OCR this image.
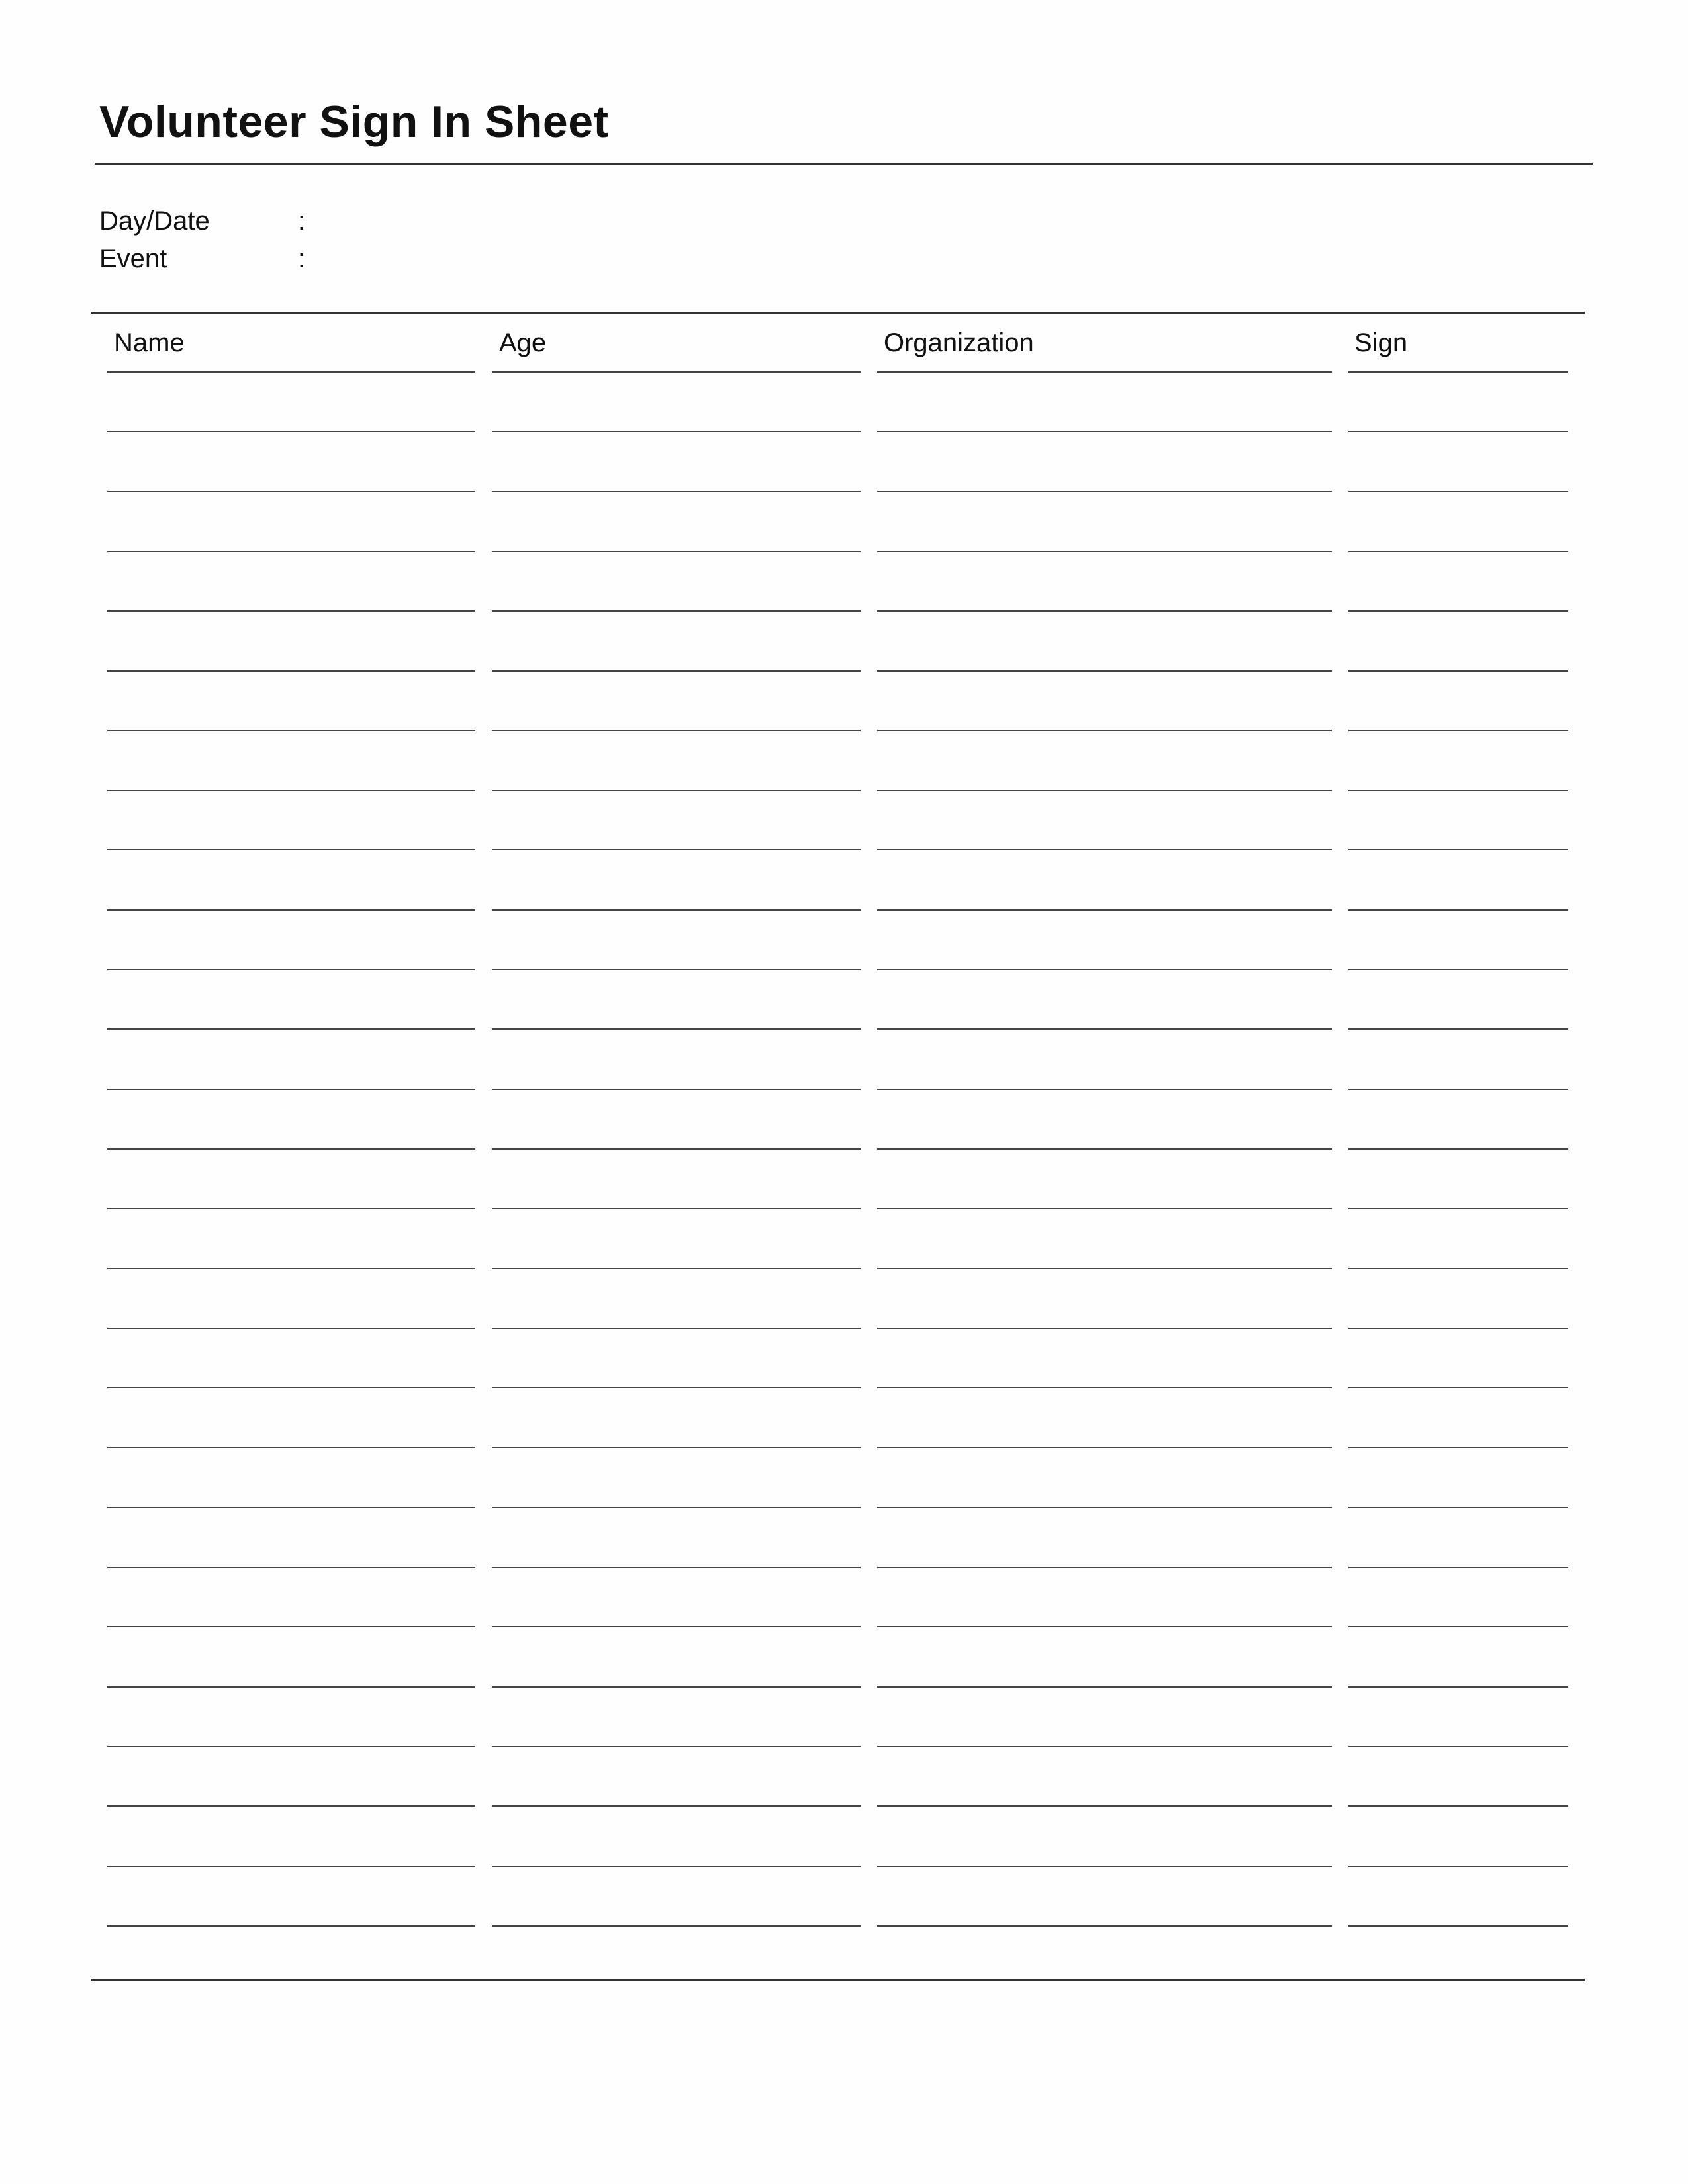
Volunteer Sign In Sheet
Day/Date	:
Event	:
Name	Age	Organization	Sign
